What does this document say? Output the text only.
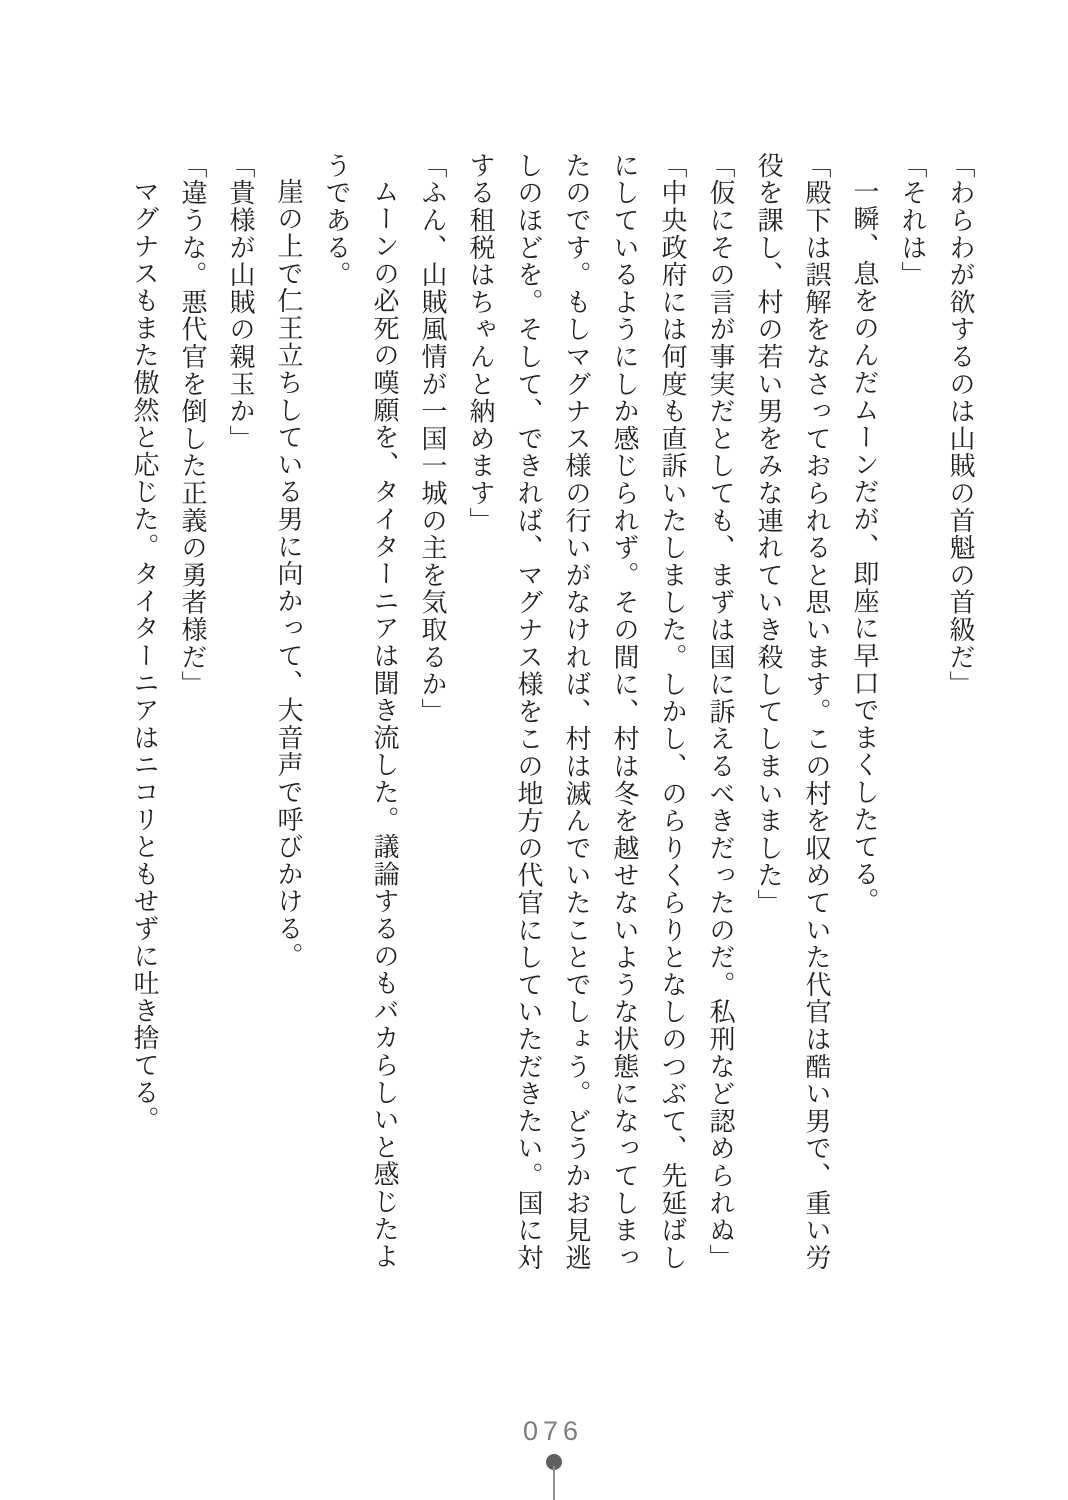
「わらわが欲するのは山賊の首魁の首級だ」

「それは」

一瞬、息をのんだムーンだが、即座に早口でまくしたてる。

「殿下は誤解をなさっておられると思います。この村を収めていた代官は酷い男で、重い労役を課し、村の若い男をみな連れていき殺してしまいました」

「仮にその言が事実だとしても、まずは国に訴えるべきだったのだ。私刑など認められぬ」

「中央政府には何度も直訴いたしました。しかし、のらりくらりとなしのつぶて、先延ばしにしているようにしか感じられず。その間に、村は冬を越せないような状態になってしまったのです。もしマグナス様の行いがなければ、村は滅んでいたことでしょう。どうかお見逃しのほどを。そして、できれば、マグナス様をこの地方の代官にしていただきたい。国に対する租税はちゃんと納めます」

「ふん、山賊風情が一国一城の主を気取るか」

ムーンの必死の嘆願を、タイターニアは聞き流した。議論するのもバカらしいと感じたようである。

崖の上で仁王立ちしている男に向かって、大音声で呼びかける。

「貴様が山賊の親玉か」

「違うな。悪代官を倒した正義の勇者様だ」

マグナスもまた傲然と応じた。タイターニアはニコリともせずに吐き捨てる。

076
